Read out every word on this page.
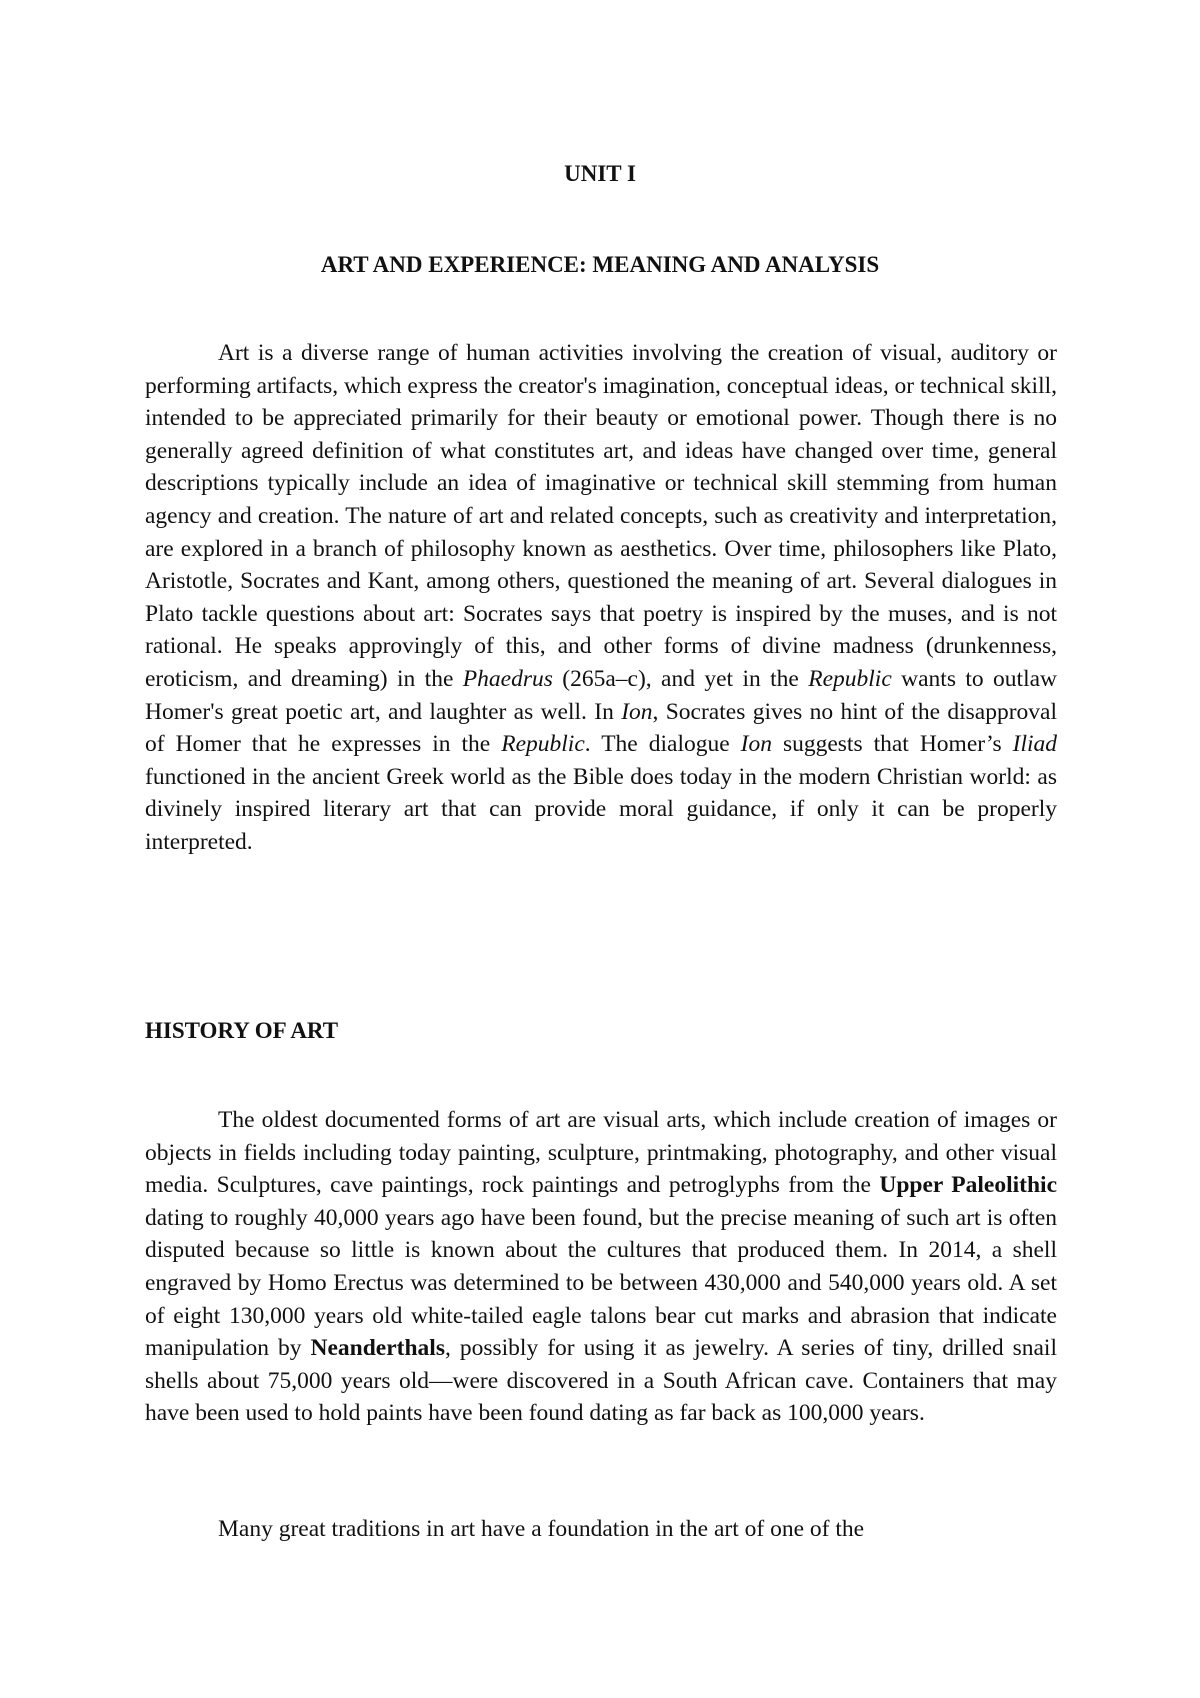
UNIT I
ART AND EXPERIENCE: MEANING AND ANALYSIS

Art is a diverse range of human activities involving the creation of visual, auditory or performing artifacts, which express the creator's imagination, conceptual ideas, or technical skill, intended to be appreciated primarily for their beauty or emotional power. Though there is no generally agreed definition of what constitutes art, and ideas have changed over time, general descriptions typically include an idea of imaginative or technical skill stemming from human agency and creation. The nature of art and related concepts, such as creativity and interpretation, are explored in a branch of philosophy known as aesthetics. Over time, philosophers like Plato, Aristotle, Socrates and Kant, among others, questioned the meaning of art. Several dialogues in Plato tackle questions about art: Socrates says that poetry is inspired by the muses, and is not rational. He speaks approvingly of this, and other forms of divine madness (drunkenness, eroticism, and dreaming) in the Phaedrus (265a–c), and yet in the Republic wants to outlaw Homer's great poetic art, and laughter as well. In Ion, Socrates gives no hint of the disapproval of Homer that he expresses in the Republic. The dialogue Ion suggests that Homer’s Iliad functioned in the ancient Greek world as the Bible does today in the modern Christian world: as divinely inspired literary art that can provide moral guidance, if only it can be properly interpreted.

HISTORY OF ART

The oldest documented forms of art are visual arts, which include creation of images or objects in fields including today painting, sculpture, printmaking, photography, and other visual media. Sculptures, cave paintings, rock paintings and petroglyphs from the Upper Paleolithic dating to roughly 40,000 years ago have been found, but the precise meaning of such art is often disputed because so little is known about the cultures that produced them. In 2014, a shell engraved by Homo Erectus was determined to be between 430,000 and 540,000 years old. A set of eight 130,000 years old white-tailed eagle talons bear cut marks and abrasion that indicate manipulation by Neanderthals, possibly for using it as jewelry. A series of tiny, drilled snail shells about 75,000 years old—were discovered in a South African cave. Containers that may have been used to hold paints have been found dating as far back as 100,000 years.

Many great traditions in art have a foundation in the art of one of the
